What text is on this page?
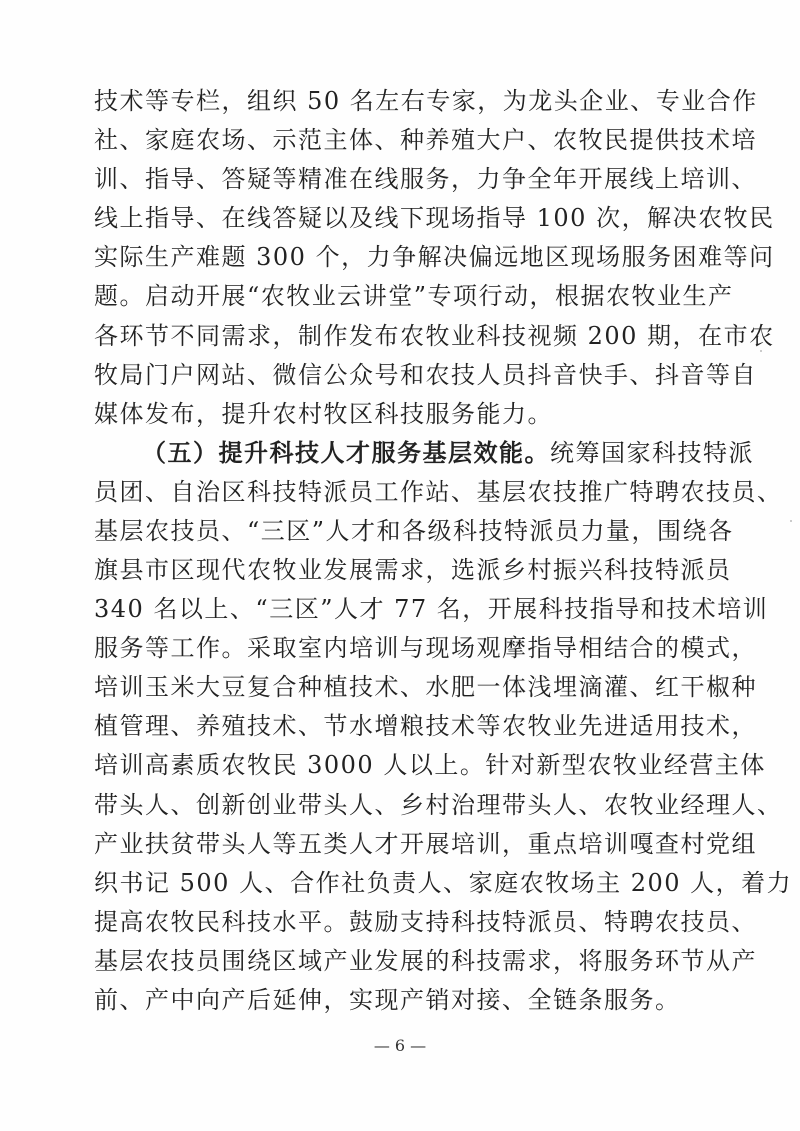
技术等专栏，组织 50 名左右专家，为龙头企业、专业合作
社、家庭农场、示范主体、种养殖大户、农牧民提供技术培
训、指导、答疑等精准在线服务，力争全年开展线上培训、
线上指导、在线答疑以及线下现场指导 100 次，解决农牧民
实际生产难题 300 个，力争解决偏远地区现场服务困难等问
题。启动开展“农牧业云讲堂”专项行动，根据农牧业生产
各环节不同需求，制作发布农牧业科技视频 200 期，在市农
牧局门户网站、微信公众号和农技人员抖音快手、抖音等自
媒体发布，提升农村牧区科技服务能力。
（五）提升科技人才服务基层效能。统筹国家科技特派
员团、自治区科技特派员工作站、基层农技推广特聘农技员、
基层农技员、“三区”人才和各级科技特派员力量，围绕各
旗县市区现代农牧业发展需求，选派乡村振兴科技特派员
340 名以上、“三区”人才 77 名，开展科技指导和技术培训
服务等工作。采取室内培训与现场观摩指导相结合的模式，
培训玉米大豆复合种植技术、水肥一体浅埋滴灌、红干椒种
植管理、养殖技术、节水增粮技术等农牧业先进适用技术，
培训高素质农牧民 3000 人以上。针对新型农牧业经营主体
带头人、创新创业带头人、乡村治理带头人、农牧业经理人、
产业扶贫带头人等五类人才开展培训，重点培训嘎查村党组
织书记 500 人、合作社负责人、家庭农牧场主 200 人，着力
提高农牧民科技水平。鼓励支持科技特派员、特聘农技员、
基层农技员围绕区域产业发展的科技需求，将服务环节从产
前、产中向产后延伸，实现产销对接、全链条服务。
— 6 —
